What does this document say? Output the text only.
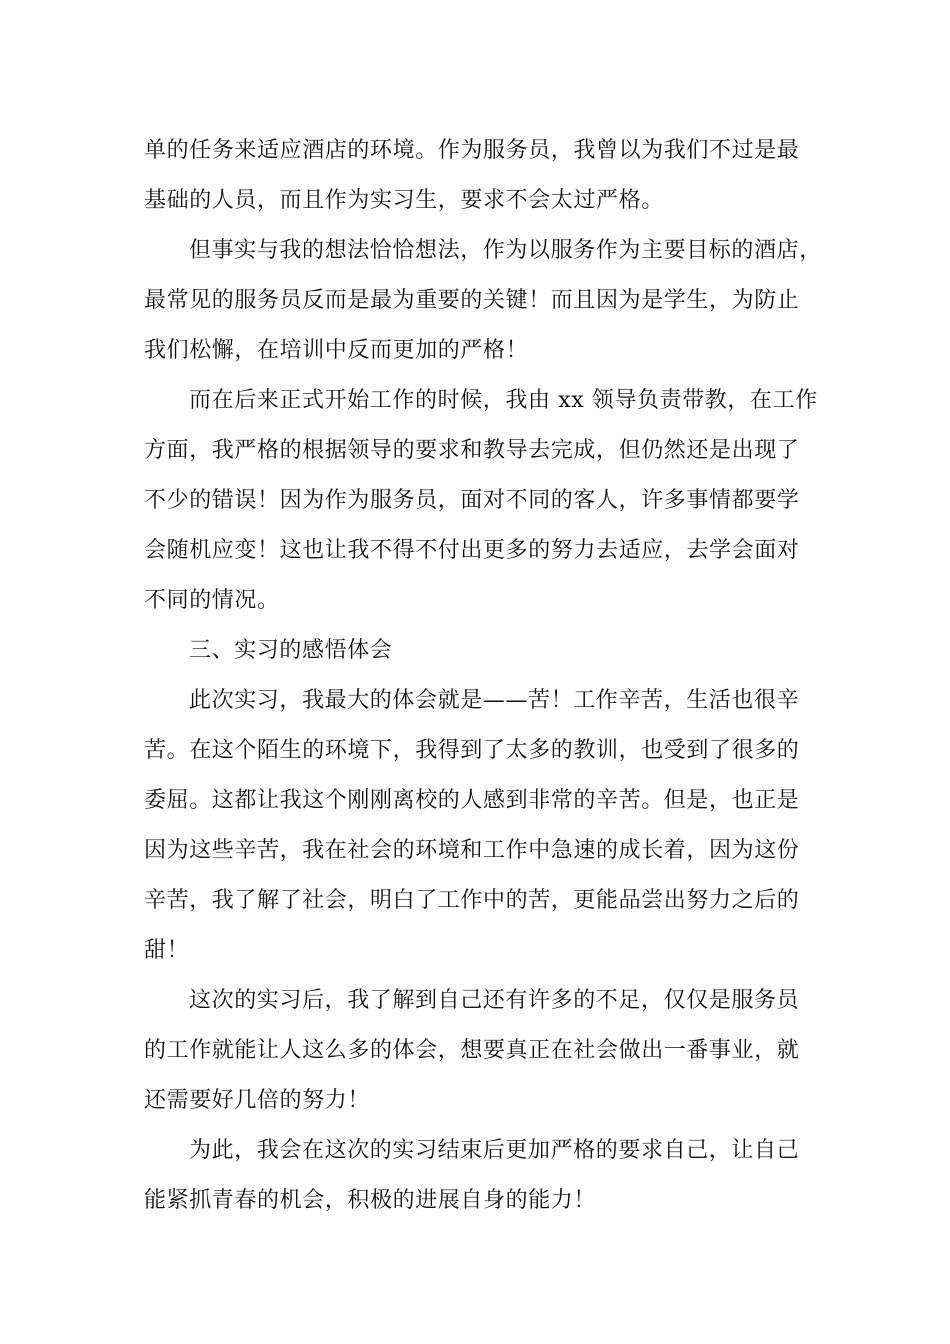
单的任务来适应酒店的环境。作为服务员，我曾以为我们不过是最
基础的人员，而且作为实习生，要求不会太过严格。
但事实与我的想法恰恰想法，作为以服务作为主要目标的酒店，
最常见的服务员反而是最为重要的关键！而且因为是学生，为防止
我们松懈，在培训中反而更加的严格！
而在后来正式开始工作的时候，我由 xx 领导负责带教，在工作
方面，我严格的根据领导的要求和教导去完成，但仍然还是出现了
不少的错误！因为作为服务员，面对不同的客人，许多事情都要学
会随机应变！这也让我不得不付出更多的努力去适应，去学会面对
不同的情况。
三、实习的感悟体会
此次实习，我最大的体会就是——苦！工作辛苦，生活也很辛
苦。在这个陌生的环境下，我得到了太多的教训，也受到了很多的
委屈。这都让我这个刚刚离校的人感到非常的辛苦。但是，也正是
因为这些辛苦，我在社会的环境和工作中急速的成长着，因为这份
辛苦，我了解了社会，明白了工作中的苦，更能品尝出努力之后的
甜！
这次的实习后，我了解到自己还有许多的不足，仅仅是服务员
的工作就能让人这么多的体会，想要真正在社会做出一番事业，就
还需要好几倍的努力！
为此，我会在这次的实习结束后更加严格的要求自己，让自己
能紧抓青春的机会，积极的进展自身的能力！
